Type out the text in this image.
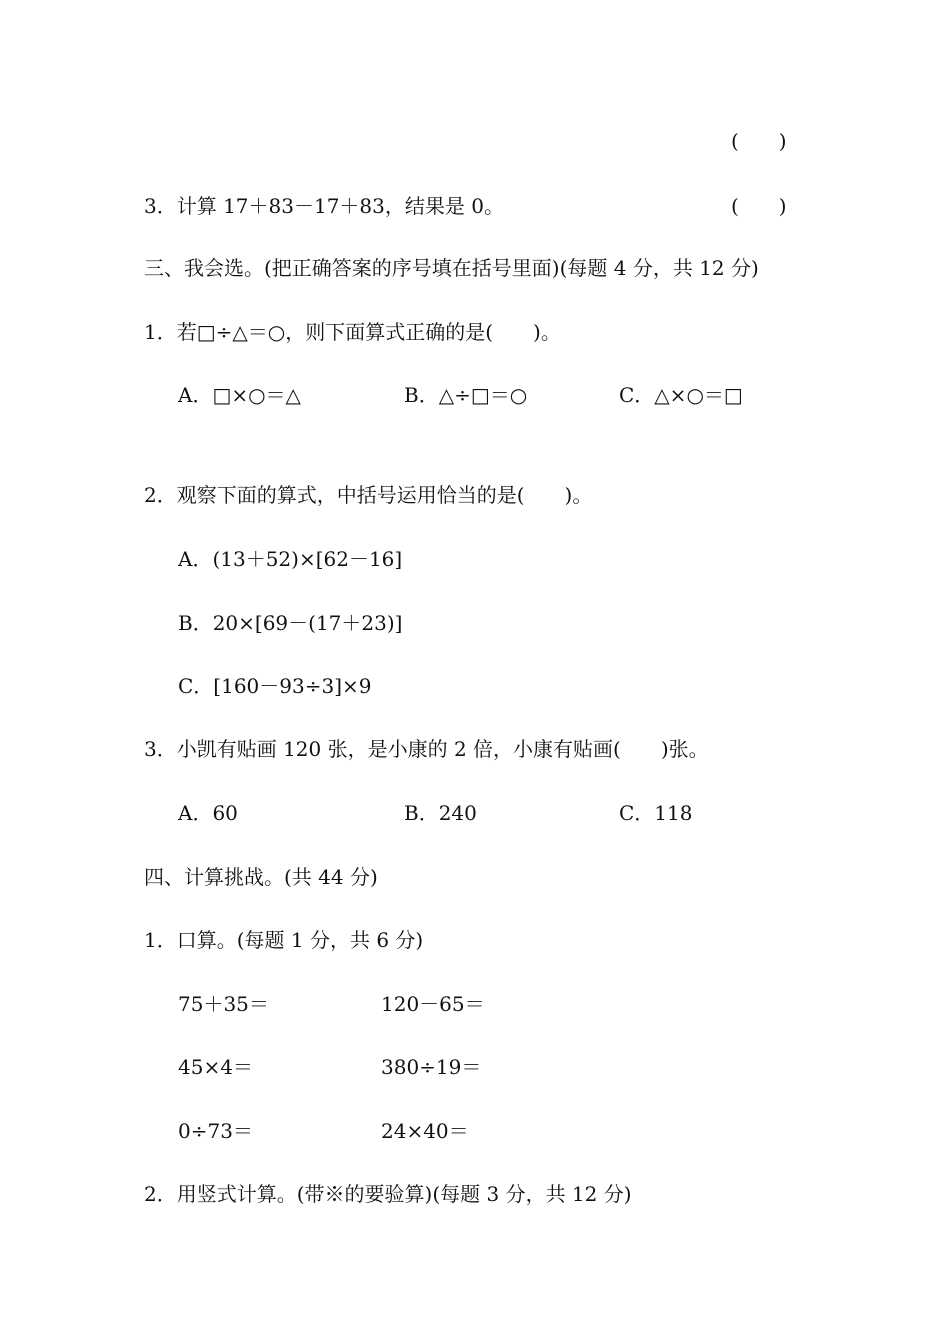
(　　)
3．计算 17＋83－17＋83，结果是 0。	(　　)
三、我会选。(把正确答案的序号填在括号里面)(每题 4 分，共 12 分)
1．若□÷△＝○，则下面算式正确的是(　　)。
A．□×○＝△	B．△÷□＝○	C．△×○＝□
2．观察下面的算式，中括号运用恰当的是(　　)。
A．(13＋52)×[62－16]
B．20×[69－(17＋23)]
C．[160－93÷3]×9
3．小凯有贴画 120 张，是小康的 2 倍，小康有贴画(　　)张。
A．60	B．240	C．118
四、计算挑战。(共 44 分)
1．口算。(每题 1 分，共 6 分)
75＋35＝	120－65＝
45×4＝	380÷19＝
0÷73＝	24×40＝
2．用竖式计算。(带※的要验算)(每题 3 分，共 12 分)
